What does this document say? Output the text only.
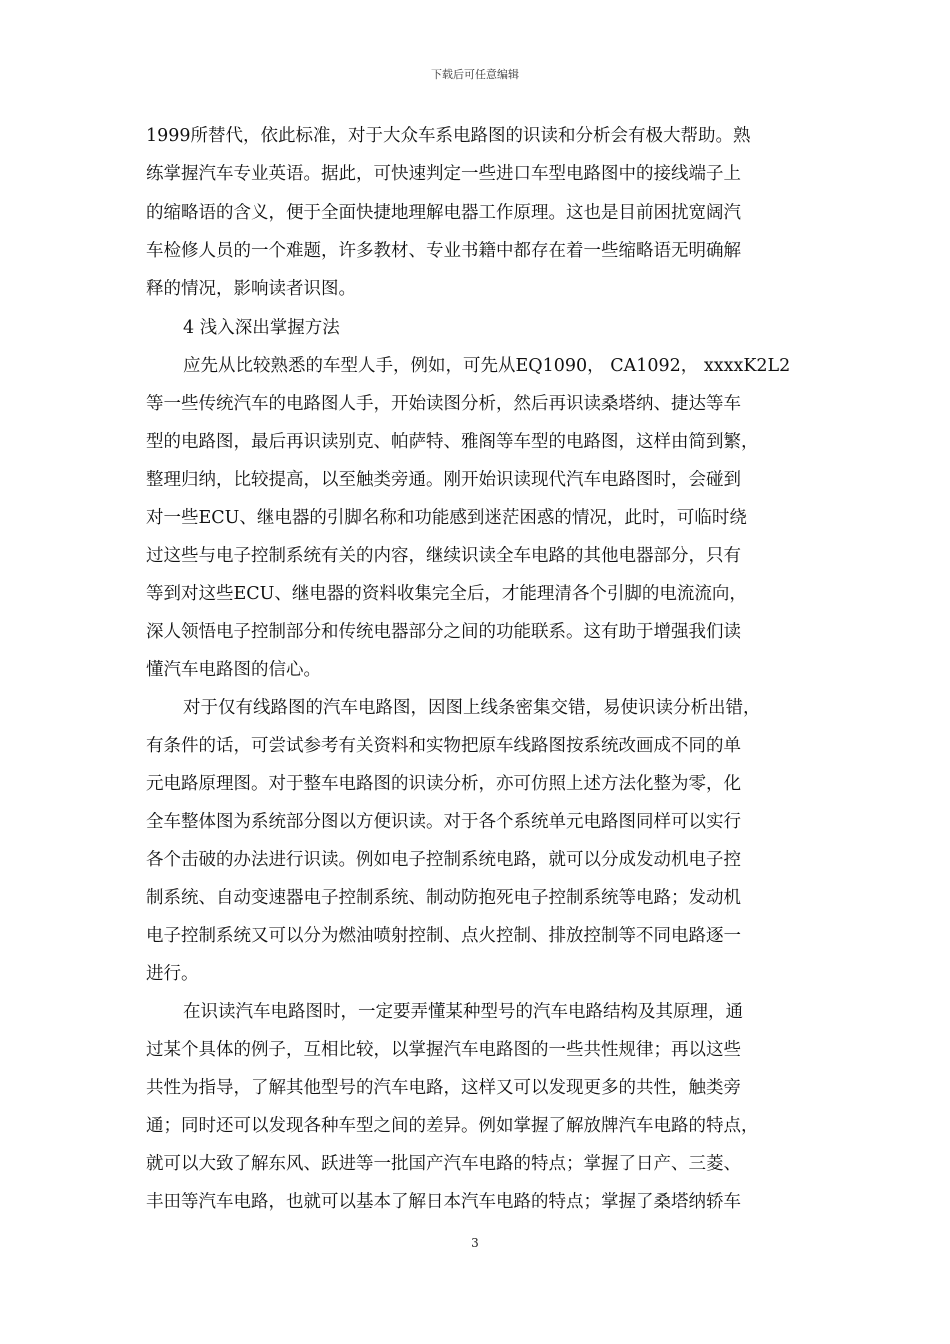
下载后可任意编辑
1999所替代，依此标准，对于大众车系电路图的识读和分析会有极大帮助。熟
练掌握汽车专业英语。据此，可快速判定一些进口车型电路图中的接线端子上
的缩略语的含义，便于全面快捷地理解电器工作原理。这也是目前困扰宽阔汽
车检修人员的一个难题，许多教材、专业书籍中都存在着一些缩略语无明确解
释的情况，影响读者识图。
4 浅入深出掌握方法
应先从比较熟悉的车型人手，例如，可先从EQ1090， CA1092， xxxxK2L2
等一些传统汽车的电路图人手，开始读图分析，然后再识读桑塔纳、捷达等车
型的电路图，最后再识读别克、帕萨特、雅阁等车型的电路图，这样由简到繁，
整理归纳，比较提高，以至触类旁通。刚开始识读现代汽车电路图时，会碰到
对一些ECU、继电器的引脚名称和功能感到迷茫困惑的情况，此时，可临时绕
过这些与电子控制系统有关的内容，继续识读全车电路的其他电器部分，只有
等到对这些ECU、继电器的资料收集完全后，才能理清各个引脚的电流流向，
深人领悟电子控制部分和传统电器部分之间的功能联系。这有助于增强我们读
懂汽车电路图的信心。
对于仅有线路图的汽车电路图，因图上线条密集交错，易使识读分析出错，
有条件的话，可尝试参考有关资料和实物把原车线路图按系统改画成不同的单
元电路原理图。对于整车电路图的识读分析，亦可仿照上述方法化整为零，化
全车整体图为系统部分图以方便识读。对于各个系统单元电路图同样可以实行
各个击破的办法进行识读。例如电子控制系统电路，就可以分成发动机电子控
制系统、自动变速器电子控制系统、制动防抱死电子控制系统等电路；发动机
电子控制系统又可以分为燃油喷射控制、点火控制、排放控制等不同电路逐一
进行。
在识读汽车电路图时，一定要弄懂某种型号的汽车电路结构及其原理，通
过某个具体的例子，互相比较，以掌握汽车电路图的一些共性规律；再以这些
共性为指导，了解其他型号的汽车电路，这样又可以发现更多的共性，触类旁
通；同时还可以发现各种车型之间的差异。例如掌握了解放牌汽车电路的特点，
就可以大致了解东风、跃进等一批国产汽车电路的特点；掌握了日产、三菱、
丰田等汽车电路，也就可以基本了解日本汽车电路的特点；掌握了桑塔纳轿车
3
